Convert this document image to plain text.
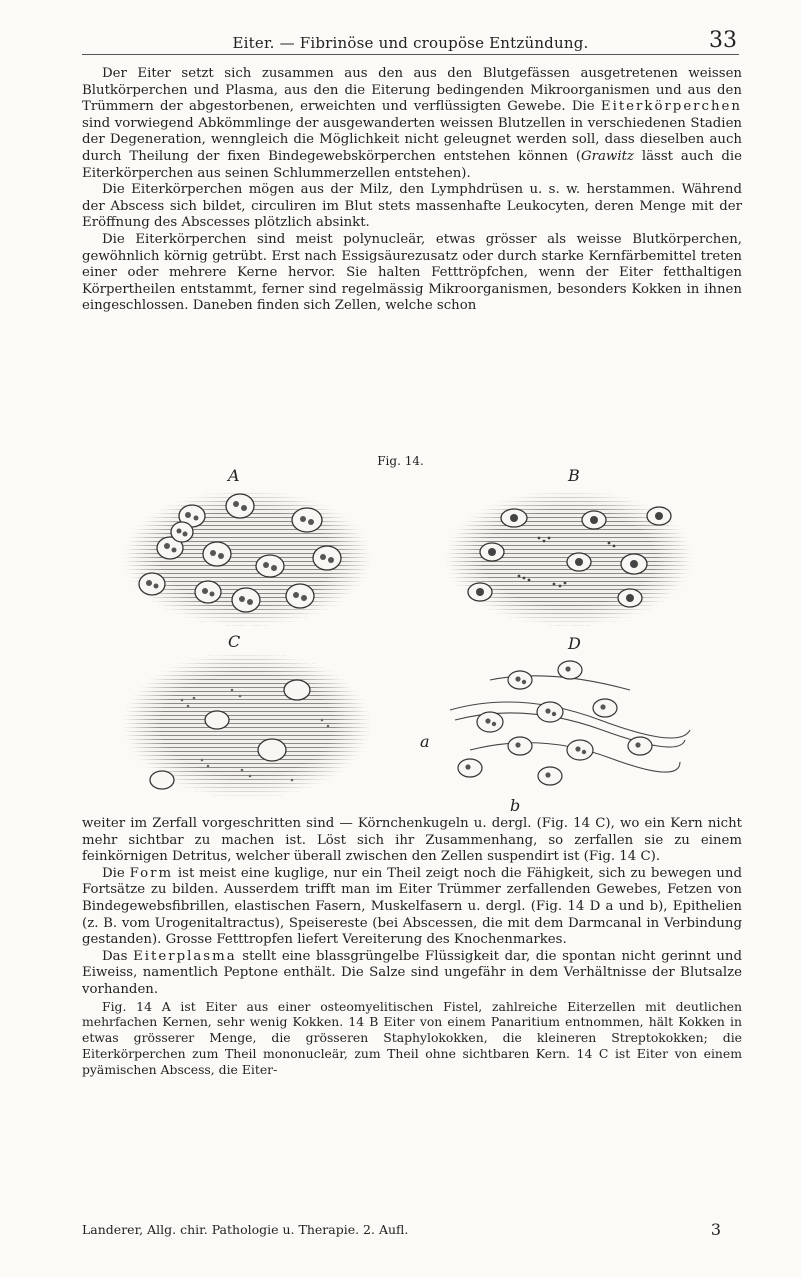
Eiter. — Fibrinöse und croupöse Entzündung.	33

Der Eiter setzt sich zusammen aus den aus den Blutgefässen ausgetretenen weissen Blutkörperchen und Plasma, aus den die Eiterung bedingenden Mikroorganismen und aus den Trümmern der abgestorbenen, erweichten und verflüssigten Gewebe. Die Eiterkörperchen sind vorwiegend Abkömmlinge der ausgewanderten weissen Blutzellen in verschiedenen Stadien der Degeneration, wenngleich die Möglichkeit nicht geleugnet werden soll, dass dieselben auch durch Theilung der fixen Bindegewebskörperchen entstehen können (Grawitz lässt auch die Eiterkörperchen aus seinen Schlummerzellen entstehen).

Die Eiterkörperchen mögen aus der Milz, den Lymphdrüsen u. s. w. herstammen. Während der Abscess sich bildet, circuliren im Blut stets massenhafte Leukocyten, deren Menge mit der Eröffnung des Abscesses plötzlich absinkt.

Die Eiterkörperchen sind meist polynucleär, etwas grösser als weisse Blutkörperchen, gewöhnlich körnig getrübt. Erst nach Essigsäurezusatz oder durch starke Kernfärbemittel treten einer oder mehrere Kerne hervor. Sie halten Fetttröpfchen, wenn der Eiter fetthaltigen Körpertheilen entstammt, ferner sind regelmässig Mikroorganismen, besonders Kokken in ihnen eingeschlossen. Daneben finden sich Zellen, welche schon

Fig. 14.
A	B
C	D
a
b

weiter im Zerfall vorgeschritten sind — Körnchenkugeln u. dergl. (Fig. 14 C), wo ein Kern nicht mehr sichtbar zu machen ist. Löst sich ihr Zusammenhang, so zerfallen sie zu einem feinkörnigen Detritus, welcher überall zwischen den Zellen suspendirt ist (Fig. 14 C).

Die Form ist meist eine kuglige, nur ein Theil zeigt noch die Fähigkeit, sich zu bewegen und Fortsätze zu bilden. Ausserdem trifft man im Eiter Trümmer zerfallenden Gewebes, Fetzen von Bindegewebsfibrillen, elastischen Fasern, Muskelfasern u. dergl. (Fig. 14 D a und b), Epithelien (z. B. vom Urogenitaltractus), Speisereste (bei Abscessen, die mit dem Darmcanal in Verbindung gestanden). Grosse Fetttropfen liefert Vereiterung des Knochenmarkes.

Das Eiterplasma stellt eine blassgrüngelbe Flüssigkeit dar, die spontan nicht gerinnt und Eiweiss, namentlich Peptone enthält. Die Salze sind ungefähr in dem Verhältnisse der Blutsalze vorhanden.

Fig. 14 A ist Eiter aus einer osteomyelitischen Fistel, zahlreiche Eiterzellen mit deutlichen mehrfachen Kernen, sehr wenig Kokken. 14 B Eiter von einem Panaritium entnommen, hält Kokken in etwas grösserer Menge, die grösseren Staphylokokken, die kleineren Streptokokken; die Eiterkörperchen zum Theil mononucleär, zum Theil ohne sichtbaren Kern. 14 C ist Eiter von einem pyämischen Abscess, die Eiter-

Landerer, Allg. chir. Pathologie u. Therapie. 2. Aufl.	3
